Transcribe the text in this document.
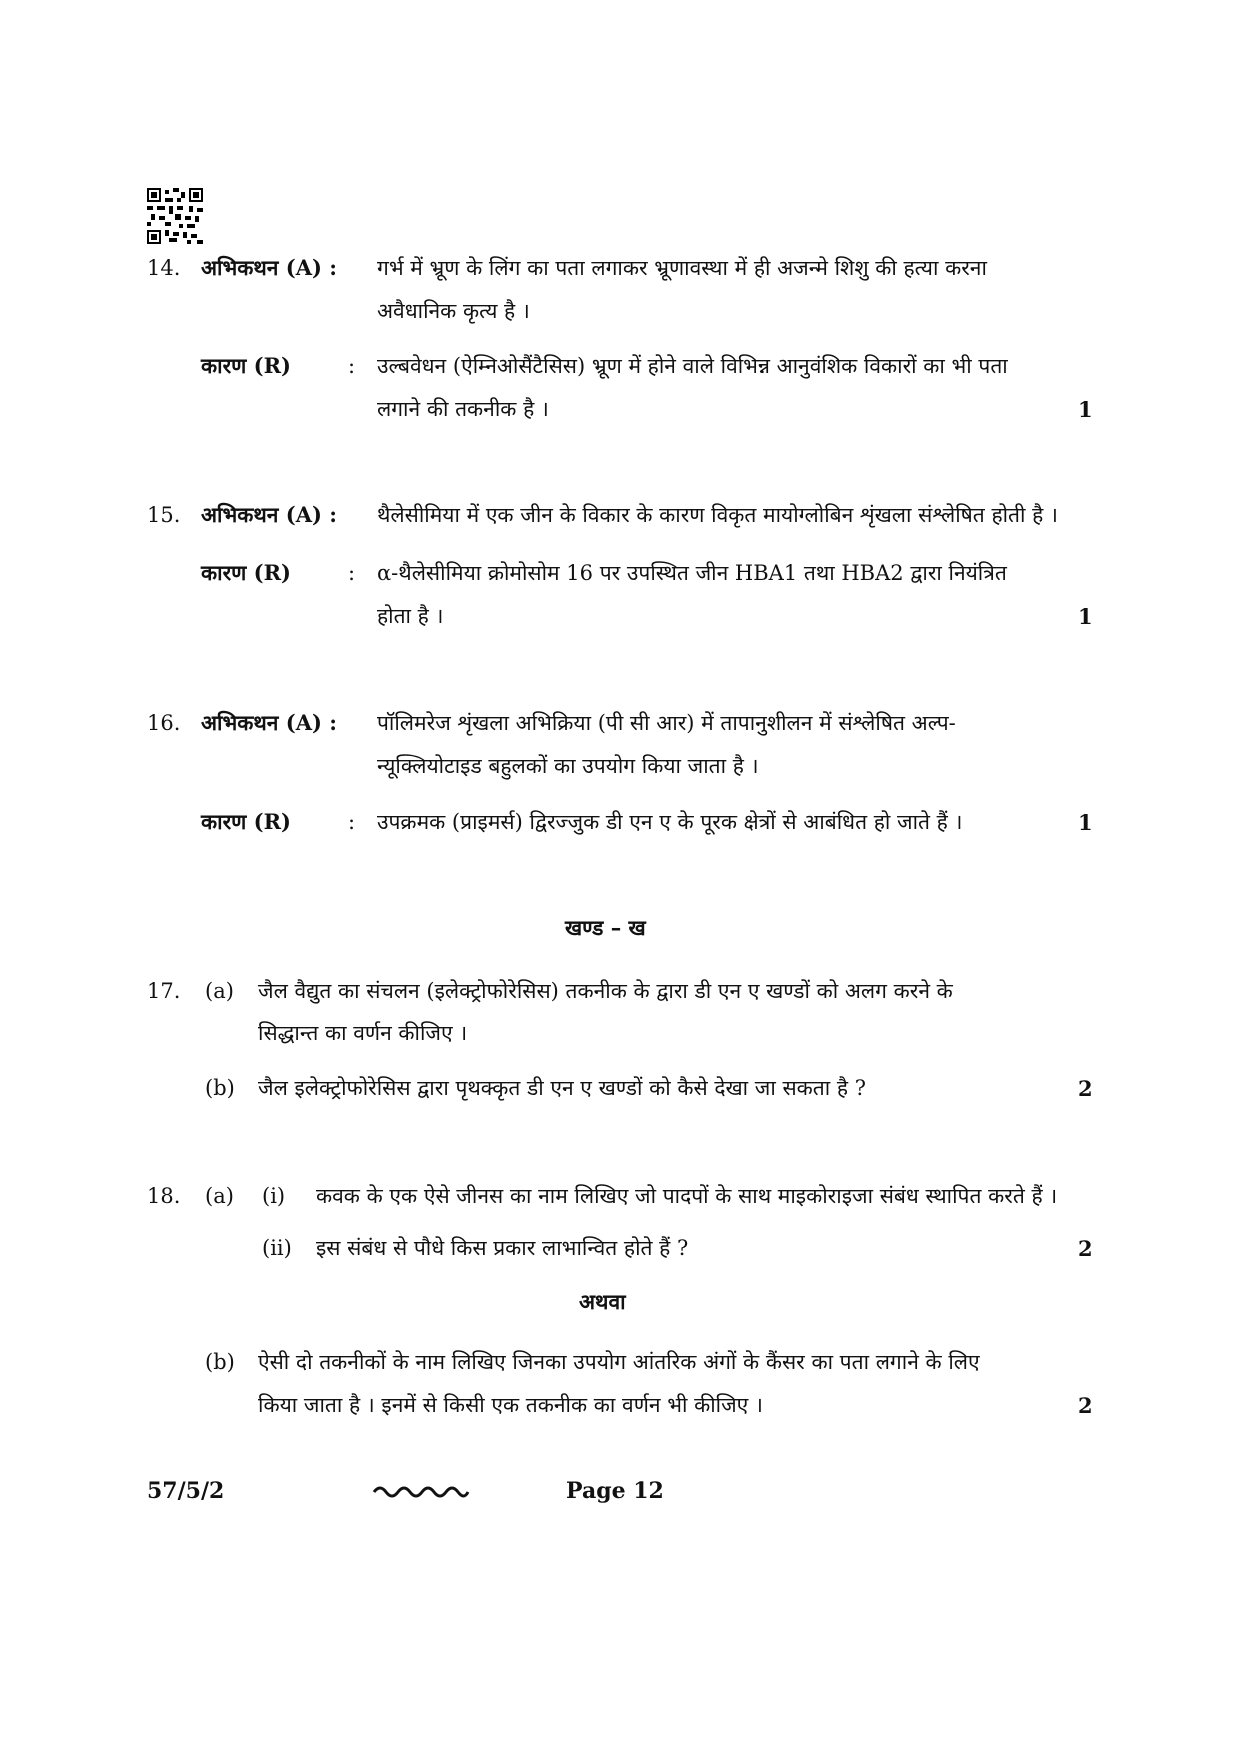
14. अभिकथन (A) : गर्भ में भ्रूण के लिंग का पता लगाकर भ्रूणावस्था में ही अजन्मे शिशु की हत्या करना
अवैधानिक कृत्य है ।
कारण (R)	: उल्बवेधन (ऐम्निओसैंटैसिस) भ्रूण में होने वाले विभिन्न आनुवंशिक विकारों का भी पता
लगाने की तकनीक है ।	1
15. अभिकथन (A) : थैलेसीमिया में एक जीन के विकार के कारण विकृत मायोग्लोबिन शृंखला संश्लेषित होती है ।
कारण (R)	: α-थैलेसीमिया क्रोमोसोम 16 पर उपस्थित जीन HBA1 तथा HBA2 द्वारा नियंत्रित
होता है ।	1
16. अभिकथन (A) : पॉलिमरेज शृंखला अभिक्रिया (पी सी आर) में तापानुशीलन में संश्लेषित अल्प-
न्यूक्लियोटाइड बहुलकों का उपयोग किया जाता है ।
कारण (R)	: उपक्रमक (प्राइमर्स) द्विरज्जुक डी एन ए के पूरक क्षेत्रों से आबंधित हो जाते हैं ।	1
खण्ड – ख
17. (a) जैल वैद्युत का संचलन (इलेक्ट्रोफोरेसिस) तकनीक के द्वारा डी एन ए खण्डों को अलग करने के
सिद्धान्त का वर्णन कीजिए ।
(b) जैल इलेक्ट्रोफोरेसिस द्वारा पृथक्कृत डी एन ए खण्डों को कैसे देखा जा सकता है ?	2
18. (a) (i) कवक के एक ऐसे जीनस का नाम लिखिए जो पादपों के साथ माइकोराइजा संबंध स्थापित करते हैं ।
(ii) इस संबंध से पौधे किस प्रकार लाभान्वित होते हैं ?	2
अथवा
(b) ऐसी दो तकनीकों के नाम लिखिए जिनका उपयोग आंतरिक अंगों के कैंसर का पता लगाने के लिए
किया जाता है । इनमें से किसी एक तकनीक का वर्णन भी कीजिए ।	2
57/5/2	Page 12
